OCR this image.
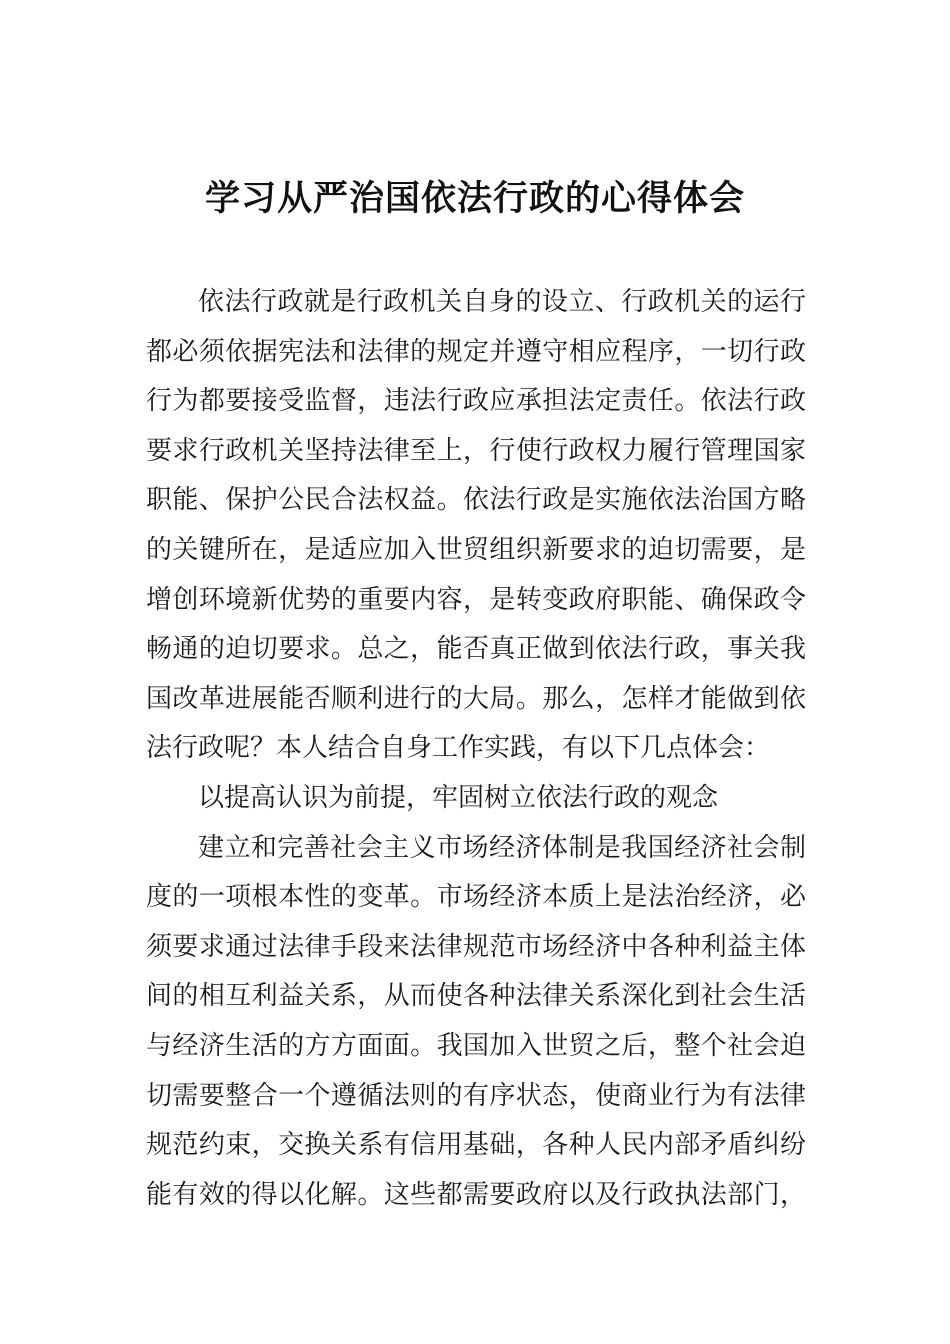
学习从严治国依法行政的心得体会
依法行政就是行政机关自身的设立、行政机关的运行
都必须依据宪法和法律的规定并遵守相应程序，一切行政
行为都要接受监督，违法行政应承担法定责任。依法行政
要求行政机关坚持法律至上，行使行政权力履行管理国家
职能、保护公民合法权益。依法行政是实施依法治国方略
的关键所在，是适应加入世贸组织新要求的迫切需要，是
增创环境新优势的重要内容，是转变政府职能、确保政令
畅通的迫切要求。总之，能否真正做到依法行政，事关我
国改革进展能否顺利进行的大局。那么，怎样才能做到依
法行政呢？本人结合自身工作实践，有以下几点体会：
以提高认识为前提，牢固树立依法行政的观念
建立和完善社会主义市场经济体制是我国经济社会制
度的一项根本性的变革。市场经济本质上是法治经济，必
须要求通过法律手段来法律规范市场经济中各种利益主体
间的相互利益关系，从而使各种法律关系深化到社会生活
与经济生活的方方面面。我国加入世贸之后，整个社会迫
切需要整合一个遵循法则的有序状态，使商业行为有法律
规范约束，交换关系有信用基础，各种人民内部矛盾纠纷
能有效的得以化解。这些都需要政府以及行政执法部门，
